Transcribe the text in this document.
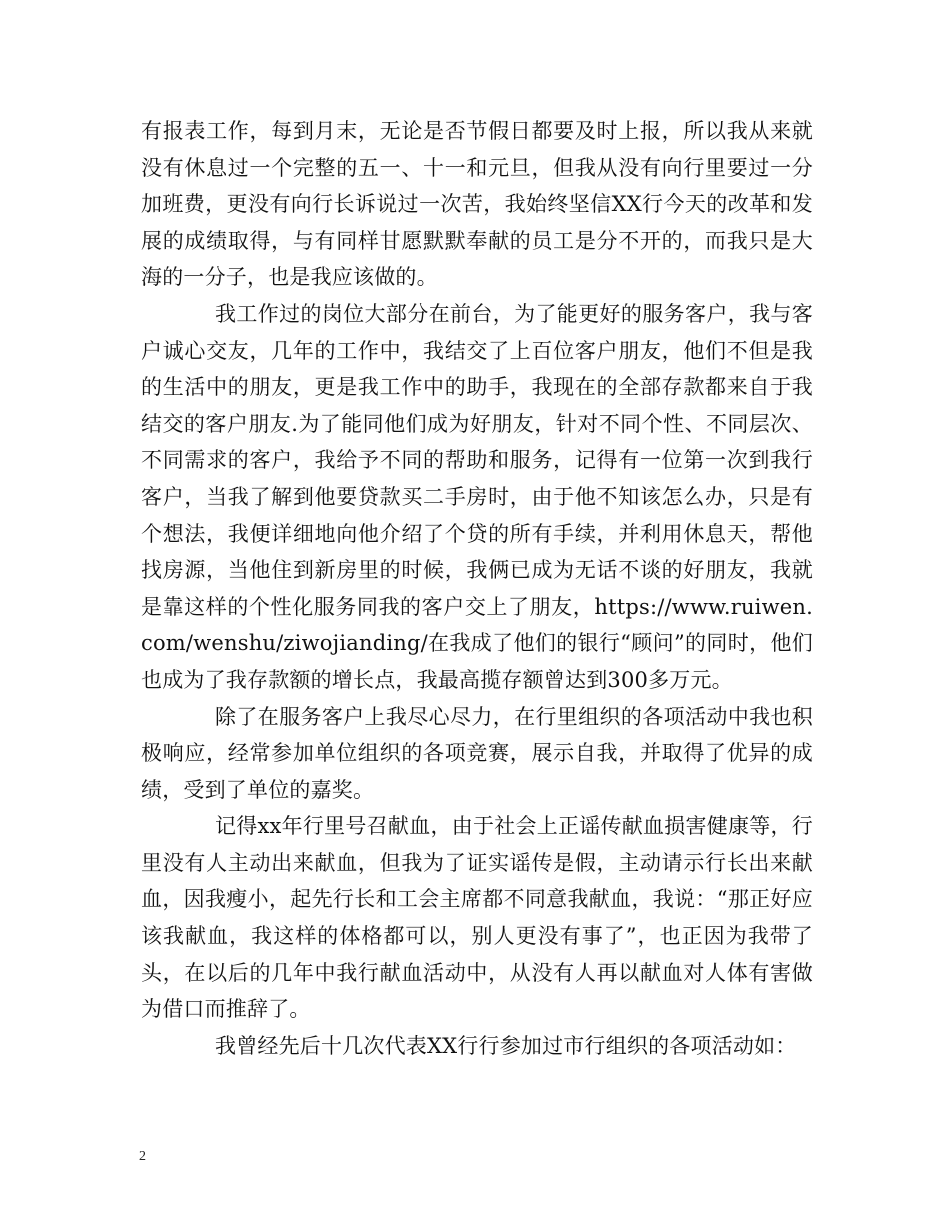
有报表工作，每到月末，无论是否节假日都要及时上报，所以我从来就没有休息过一个完整的五一、十一和元旦，但我从没有向行里要过一分加班费，更没有向行长诉说过一次苦，我始终坚信XX行今天的改革和发展的成绩取得，与有同样甘愿默默奉献的员工是分不开的，而我只是大海的一分子，也是我应该做的。

我工作过的岗位大部分在前台，为了能更好的服务客户，我与客户诚心交友，几年的工作中，我结交了上百位客户朋友，他们不但是我的生活中的朋友，更是我工作中的助手，我现在的全部存款都来自于我结交的客户朋友.为了能同他们成为好朋友，针对不同个性、不同层次、不同需求的客户，我给予不同的帮助和服务，记得有一位第一次到我行客户，当我了解到他要贷款买二手房时，由于他不知该怎么办，只是有个想法，我便详细地向他介绍了个贷的所有手续，并利用休息天，帮他找房源，当他住到新房里的时候，我俩已成为无话不谈的好朋友，我就是靠这样的个性化服务同我的客户交上了朋友，https://www.ruiwen.com/wenshu/ziwojianding/在我成了他们的银行“顾问”的同时，他们也成为了我存款额的增长点，我最高揽存额曾达到300多万元。

除了在服务客户上我尽心尽力，在行里组织的各项活动中我也积极响应，经常参加单位组织的各项竞赛，展示自我，并取得了优异的成绩，受到了单位的嘉奖。

记得xx年行里号召献血，由于社会上正谣传献血损害健康等，行里没有人主动出来献血，但我为了证实谣传是假，主动请示行长出来献血，因我瘦小，起先行长和工会主席都不同意我献血，我说：“那正好应该我献血，我这样的体格都可以，别人更没有事了”，也正因为我带了头，在以后的几年中我行献血活动中，从没有人再以献血对人体有害做为借口而推辞了。

我曾经先后十几次代表XX行行参加过市行组织的各项活动如：

2
